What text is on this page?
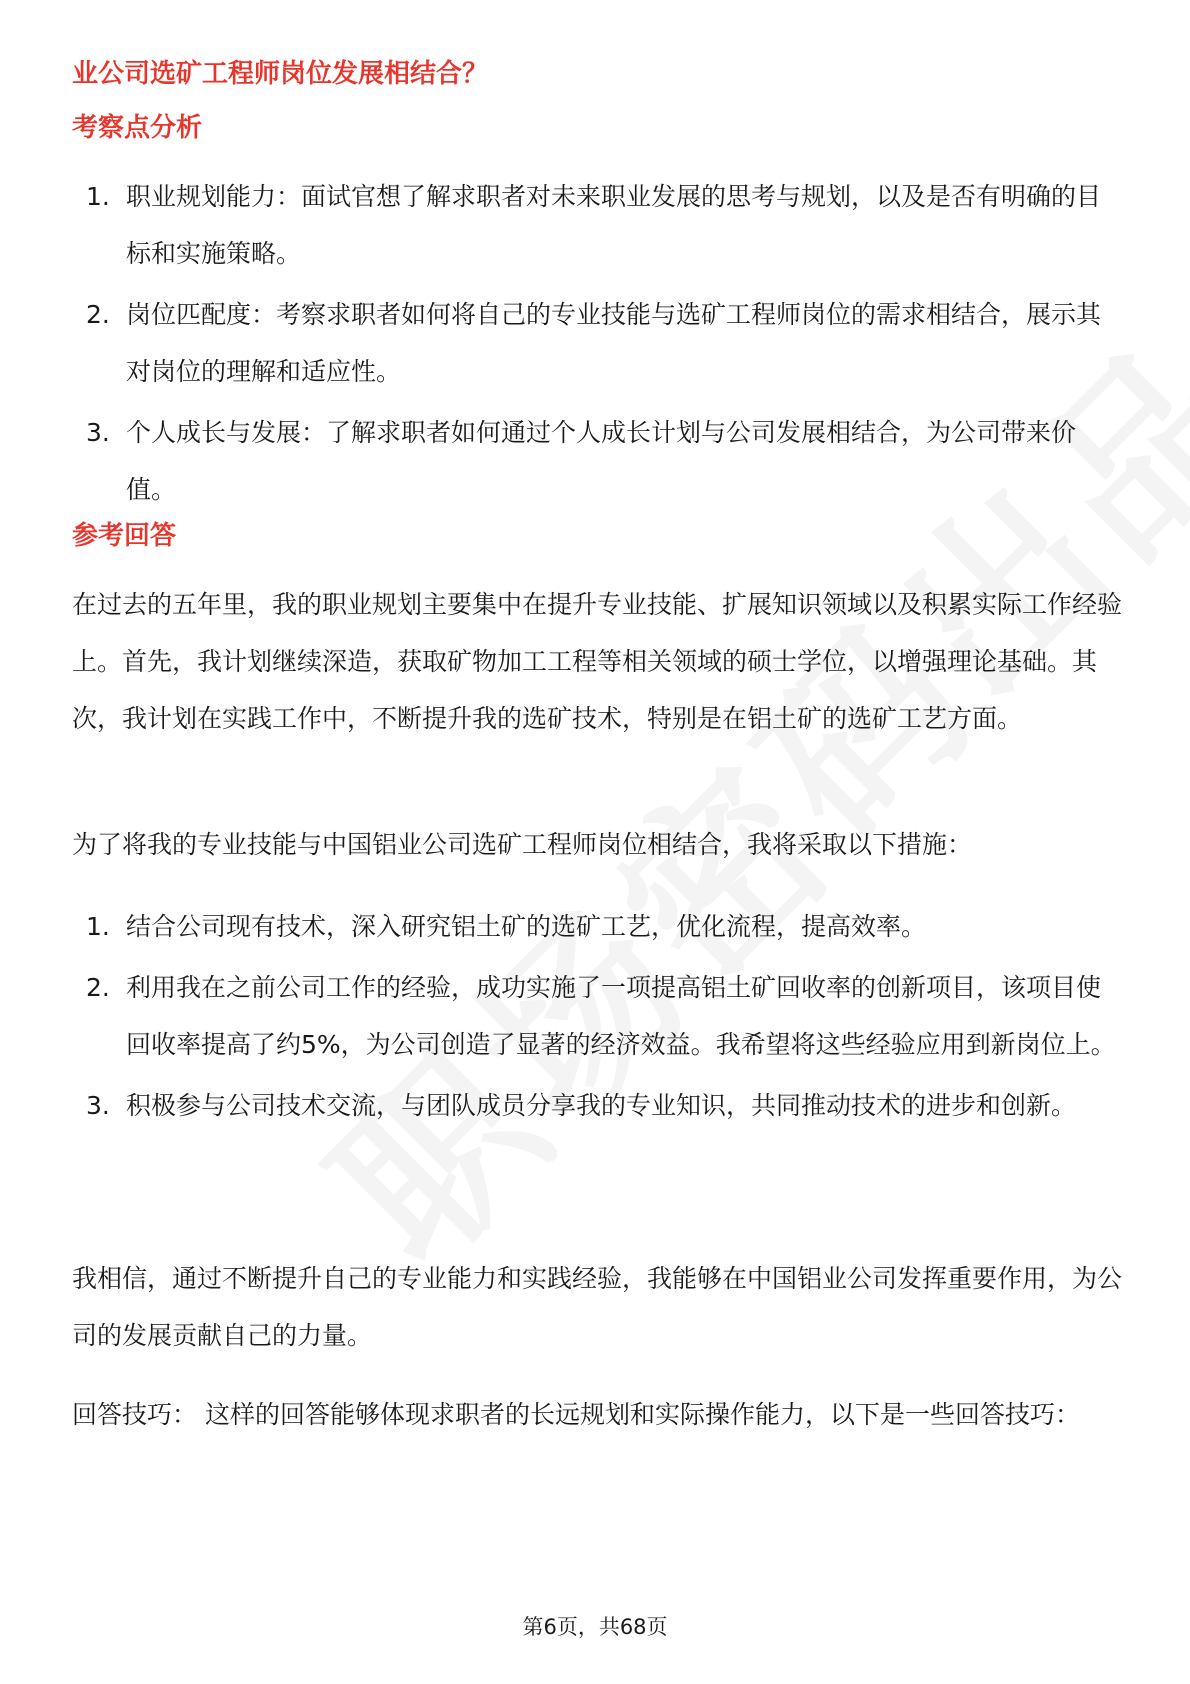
业公司选矿工程师岗位发展相结合？

考察点分析

1. 职业规划能力：面试官想了解求职者对未来职业发展的思考与规划，以及是否有明确的目标和实施策略。
2. 岗位匹配度：考察求职者如何将自己的专业技能与选矿工程师岗位的需求相结合，展示其对岗位的理解和适应性。
3. 个人成长与发展：了解求职者如何通过个人成长计划与公司发展相结合，为公司带来价值。

参考回答

在过去的五年里，我的职业规划主要集中在提升专业技能、扩展知识领域以及积累实际工作经验上。首先，我计划继续深造，获取矿物加工工程等相关领域的硕士学位，以增强理论基础。其次，我计划在实践工作中，不断提升我的选矿技术，特别是在铝土矿的选矿工艺方面。

为了将我的专业技能与中国铝业公司选矿工程师岗位相结合，我将采取以下措施：

1. 结合公司现有技术，深入研究铝土矿的选矿工艺，优化流程，提高效率。
2. 利用我在之前公司工作的经验，成功实施了一项提高铝土矿回收率的创新项目，该项目使回收率提高了约5%，为公司创造了显著的经济效益。我希望将这些经验应用到新岗位上。
3. 积极参与公司技术交流，与团队成员分享我的专业知识，共同推动技术的进步和创新。

我相信，通过不断提升自己的专业能力和实践经验，我能够在中国铝业公司发挥重要作用，为公司的发展贡献自己的力量。

回答技巧： 这样的回答能够体现求职者的长远规划和实际操作能力，以下是一些回答技巧：

第6页，共68页
